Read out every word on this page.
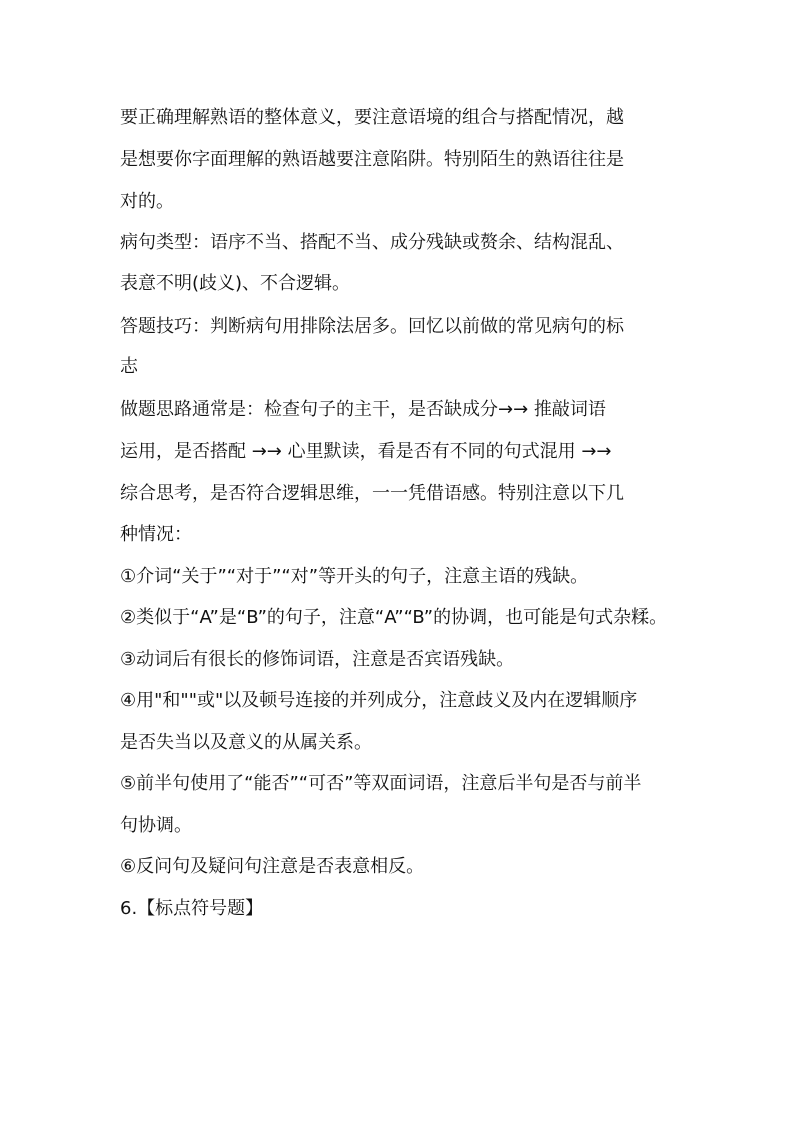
要正确理解熟语的整体意义，要注意语境的组合与搭配情况，越
是想要你字面理解的熟语越要注意陷阱。特别陌生的熟语往往是
对的。
病句类型：语序不当、搭配不当、成分残缺或赘余、结构混乱、
表意不明(歧义)、不合逻辑。
答题技巧：判断病句用排除法居多。回忆以前做的常见病句的标
志
做题思路通常是：检查句子的主干，是否缺成分→→ 推敲词语
运用，是否搭配 →→ 心里默读，看是否有不同的句式混用 →→
综合思考，是否符合逻辑思维，一一凭借语感。特别注意以下几
种情况：
①介词“关于”“对于”“对”等开头的句子，注意主语的残缺。
②类似于“A”是“B”的句子，注意“A”“B”的协调，也可能是句式杂糅。
③动词后有很长的修饰词语，注意是否宾语残缺。
④用"和""或"以及顿号连接的并列成分，注意歧义及内在逻辑顺序
是否失当以及意义的从属关系。
⑤前半句使用了“能否”“可否”等双面词语，注意后半句是否与前半
句协调。
⑥反问句及疑问句注意是否表意相反。
6.【标点符号题】
